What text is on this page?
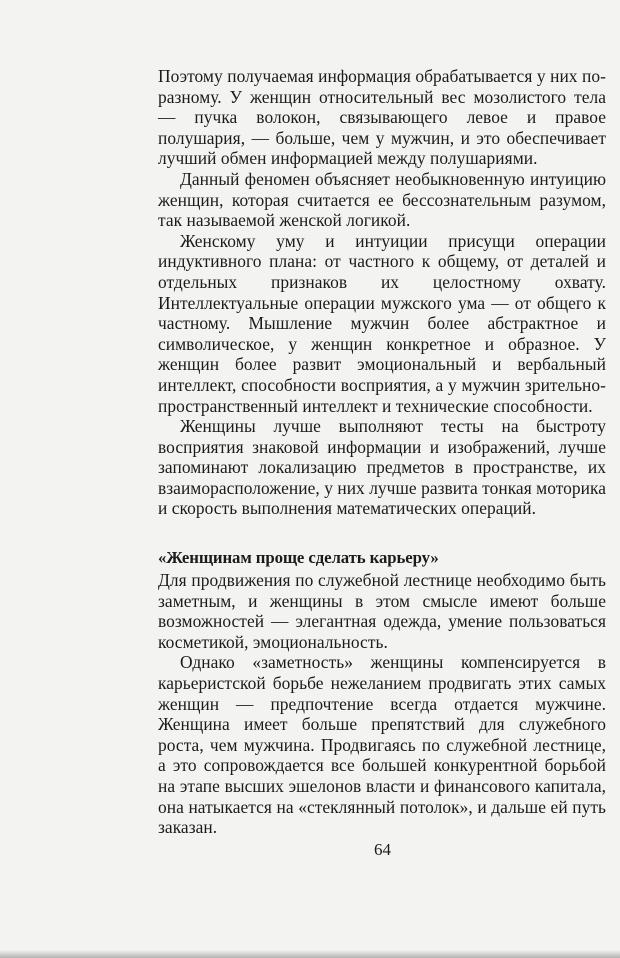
Поэтому получаемая информация обрабатывается у них по-разному. У женщин относительный вес мозолистого тела — пучка волокон, связывающего левое и правое полушария, — больше, чем у мужчин, и это обеспечивает лучший обмен информацией между полушариями.

Данный феномен объясняет необыкновенную интуицию женщин, которая считается ее бессознательным разумом, так называемой женской логикой.

Женскому уму и интуиции присущи операции индуктивного плана: от частного к общему, от деталей и отдельных признаков их целостному охвату. Интеллектуальные операции мужского ума — от общего к частному. Мышление мужчин более абстрактное и символическое, у женщин конкретное и образное. У женщин более развит эмоциональный и вербальный интеллект, способности восприятия, а у мужчин зрительно-пространственный интеллект и технические способности.

Женщины лучше выполняют тесты на быстроту восприятия знаковой информации и изображений, лучше запоминают локализацию предметов в пространстве, их взаиморасположение, у них лучше развита тонкая моторика и скорость выполнения математических операций.

«Женщинам проще сделать карьеру»

Для продвижения по служебной лестнице необходимо быть заметным, и женщины в этом смысле имеют больше возможностей — элегантная одежда, умение пользоваться косметикой, эмоциональность.

Однако «заметность» женщины компенсируется в карьеристской борьбе нежеланием продвигать этих самых женщин — предпочтение всегда отдается мужчине. Женщина имеет больше препятствий для служебного роста, чем мужчина. Продвигаясь по служебной лестнице, а это сопровождается все большей конкурентной борьбой на этапе высших эшелонов власти и финансового капитала, она натыкается на «стеклянный потолок», и дальше ей путь заказан.

64
